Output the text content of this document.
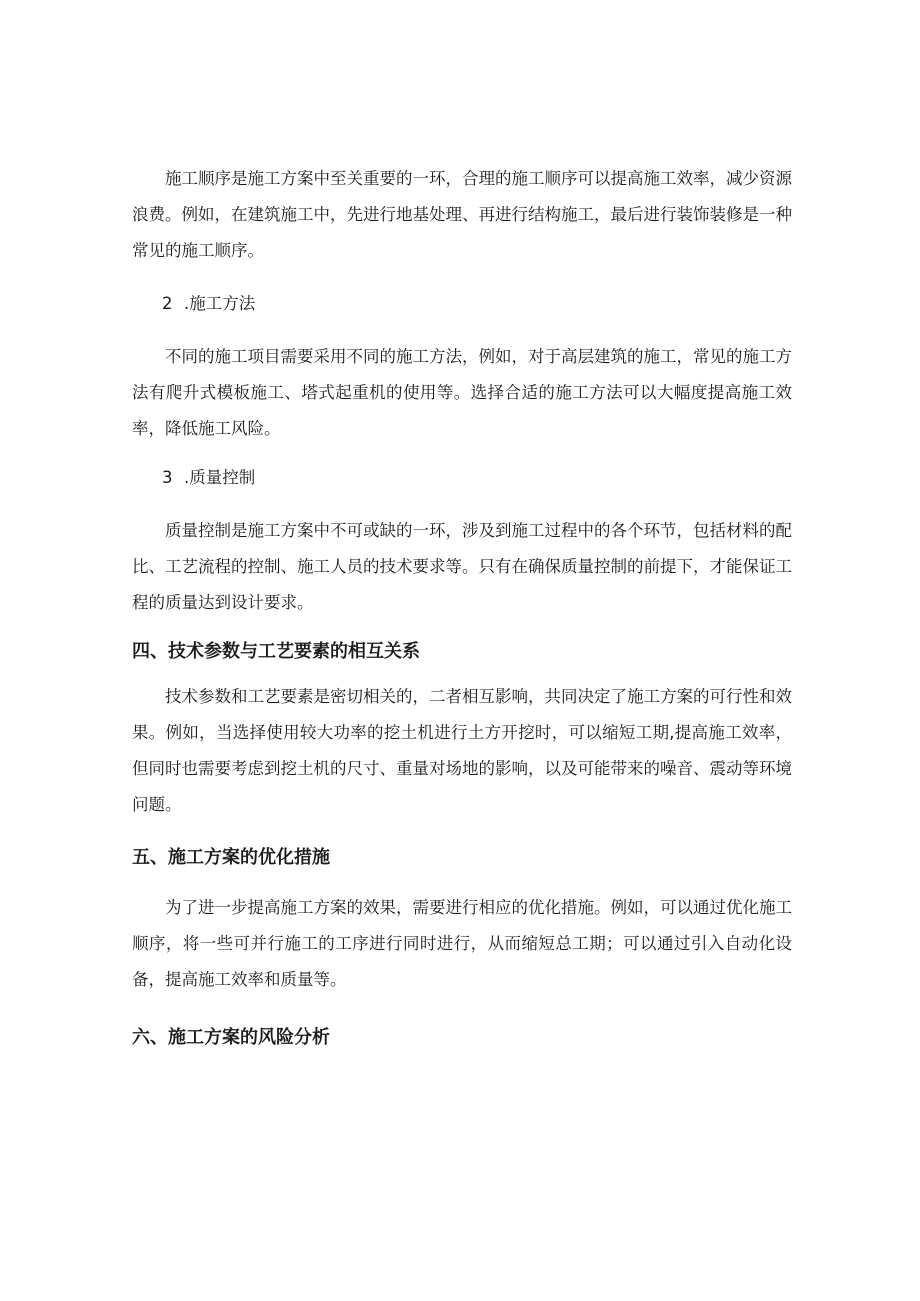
施工顺序是施工方案中至关重要的一环，合理的施工顺序可以提高施工效率，减少资源浪费。例如，在建筑施工中，先进行地基处理、再进行结构施工，最后进行装饰装修是一种常见的施工顺序。

2 .施工方法

不同的施工项目需要采用不同的施工方法，例如，对于高层建筑的施工，常见的施工方法有爬升式模板施工、塔式起重机的使用等。选择合适的施工方法可以大幅度提高施工效率，降低施工风险。

3 .质量控制

质量控制是施工方案中不可或缺的一环，涉及到施工过程中的各个环节，包括材料的配比、工艺流程的控制、施工人员的技术要求等。只有在确保质量控制的前提下，才能保证工程的质量达到设计要求。

四、技术参数与工艺要素的相互关系

技术参数和工艺要素是密切相关的，二者相互影响，共同决定了施工方案的可行性和效果。例如，当选择使用较大功率的挖土机进行土方开挖时，可以缩短工期,提高施工效率，但同时也需要考虑到挖土机的尺寸、重量对场地的影响，以及可能带来的噪音、震动等环境问题。

五、施工方案的优化措施

为了进一步提高施工方案的效果，需要进行相应的优化措施。例如，可以通过优化施工顺序，将一些可并行施工的工序进行同时进行，从而缩短总工期；可以通过引入自动化设备，提高施工效率和质量等。

六、施工方案的风险分析
